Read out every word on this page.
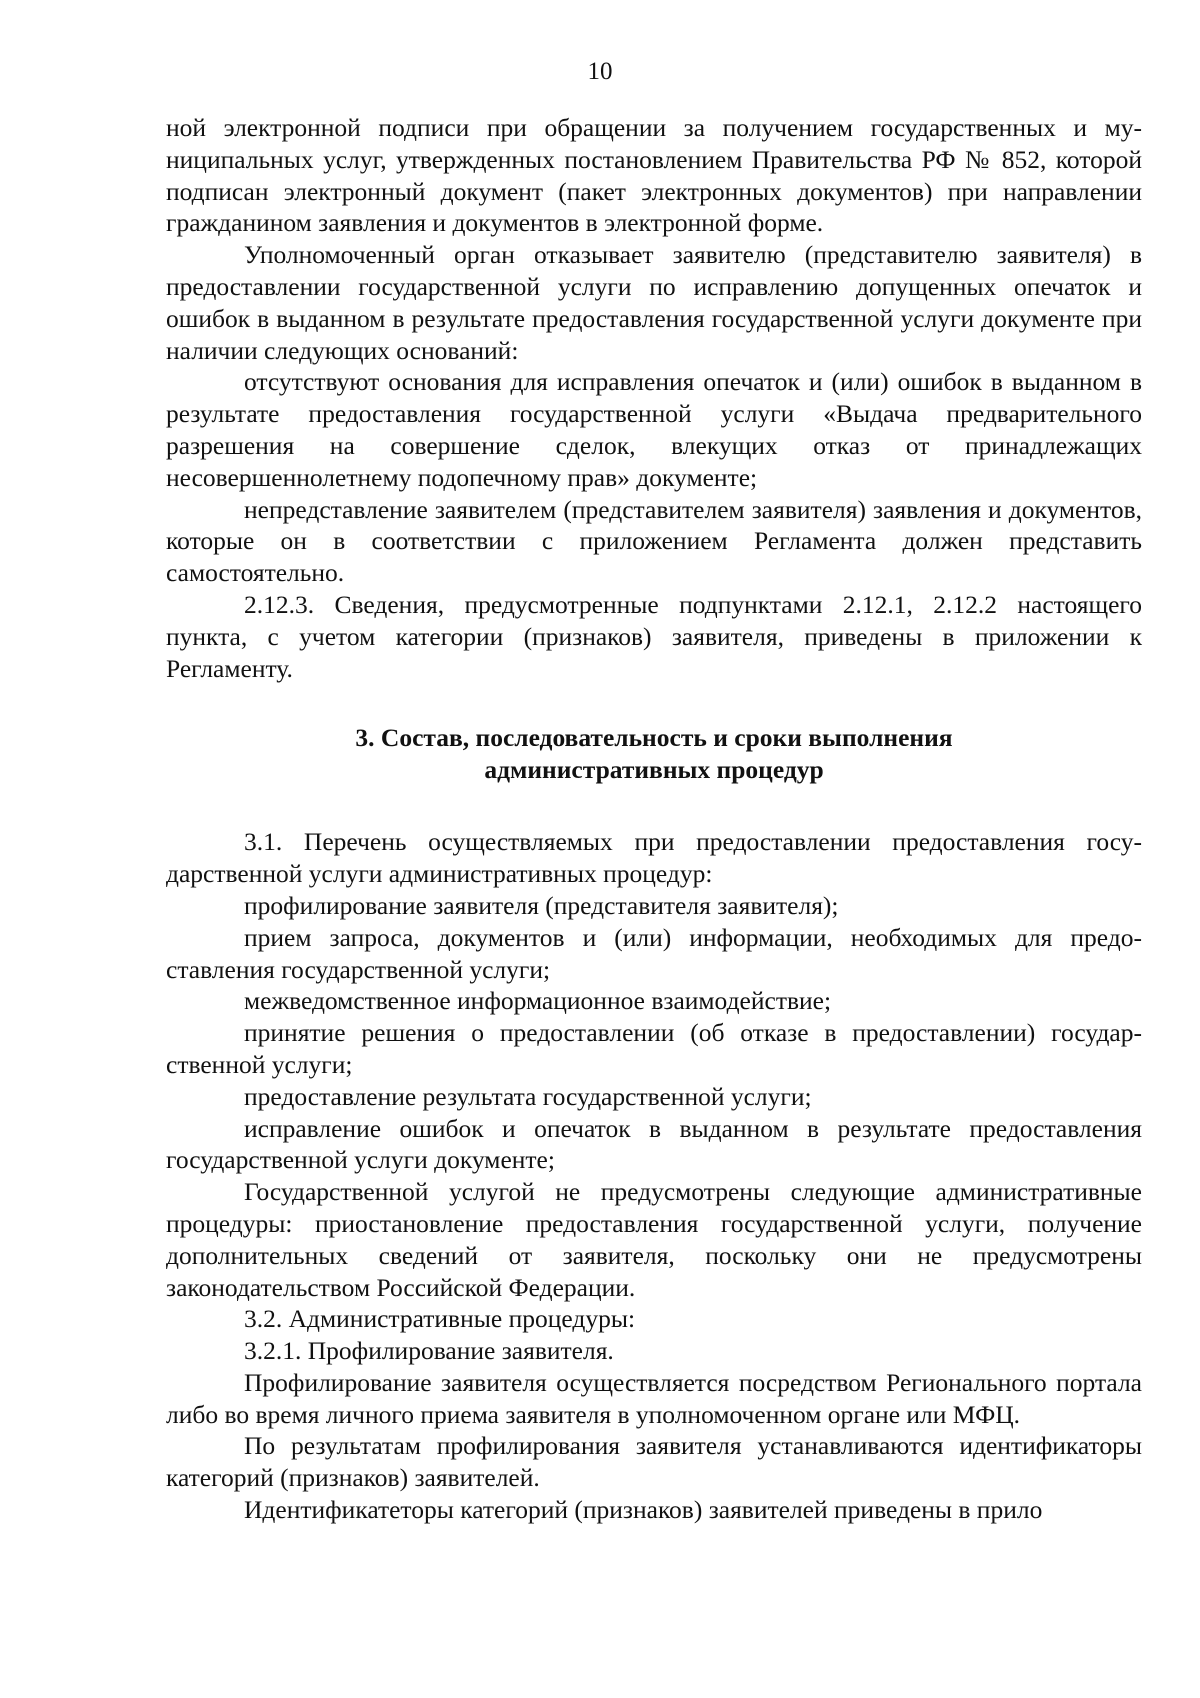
10

ной электронной подписи при обращении за получением государственных и муниципальных услуг, утвержденных постановлением Правительства РФ № 852, которой подписан электронный документ (пакет электронных документов) при направлении гражданином заявления и документов в электронной форме.

Уполномоченный орган отказывает заявителю (представителю заявителя) в предоставлении государственной услуги по исправлению допущенных опечаток и ошибок в выданном в результате предоставления государственной услуги документе при наличии следующих оснований:

отсутствуют основания для исправления опечаток и (или) ошибок в выданном в результате предоставления государственной услуги «Выдача предварительного разрешения на совершение сделок, влекущих отказ от принадлежащих несовершеннолетнему подопечному прав» документе;

непредставление заявителем (представителем заявителя) заявления и документов, которые он в соответствии с приложением Регламента должен представить самостоятельно.

2.12.3. Сведения, предусмотренные подпунктами 2.12.1, 2.12.2 настоящего пункта, с учетом категории (признаков) заявителя, приведены в приложении к Регламенту.

3. Состав, последовательность и сроки выполнения
административных процедур

3.1. Перечень осуществляемых при предоставлении предоставления государственной услуги административных процедур:

профилирование заявителя (представителя заявителя);

прием запроса, документов и (или) информации, необходимых для предоставления государственной услуги;

межведомственное информационное взаимодействие;

принятие решения о предоставлении (об отказе в предоставлении) государственной услуги;

предоставление результата государственной услуги;

исправление ошибок и опечаток в выданном в результате предоставления государственной услуги документе;

Государственной услугой не предусмотрены следующие административные процедуры: приостановление предоставления государственной услуги, получение дополнительных сведений от заявителя, поскольку они не предусмотрены законодательством Российской Федерации.

3.2. Административные процедуры:

3.2.1. Профилирование заявителя.

Профилирование заявителя осуществляется посредством Регионального портала либо во время личного приема заявителя в уполномоченном органе или МФЦ.

По результатам профилирования заявителя устанавливаются идентификаторы категорий (признаков) заявителей.

Идентификатеторы категорий (признаков) заявителей приведены в прило
